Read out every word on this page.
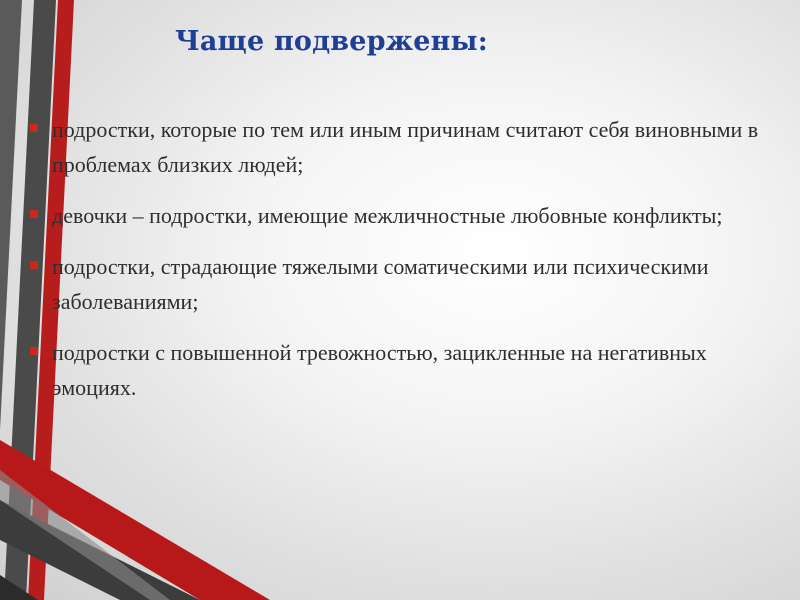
Чаще подвержены:
подростки, которые по тем или иным причинам считают себя виновными в проблемах близких людей;
девочки – подростки, имеющие межличностные любовные конфликты;
подростки, страдающие тяжелыми соматическими или психическими заболеваниями;
подростки с повышенной тревожностью, зацикленные на негативных эмоциях.
